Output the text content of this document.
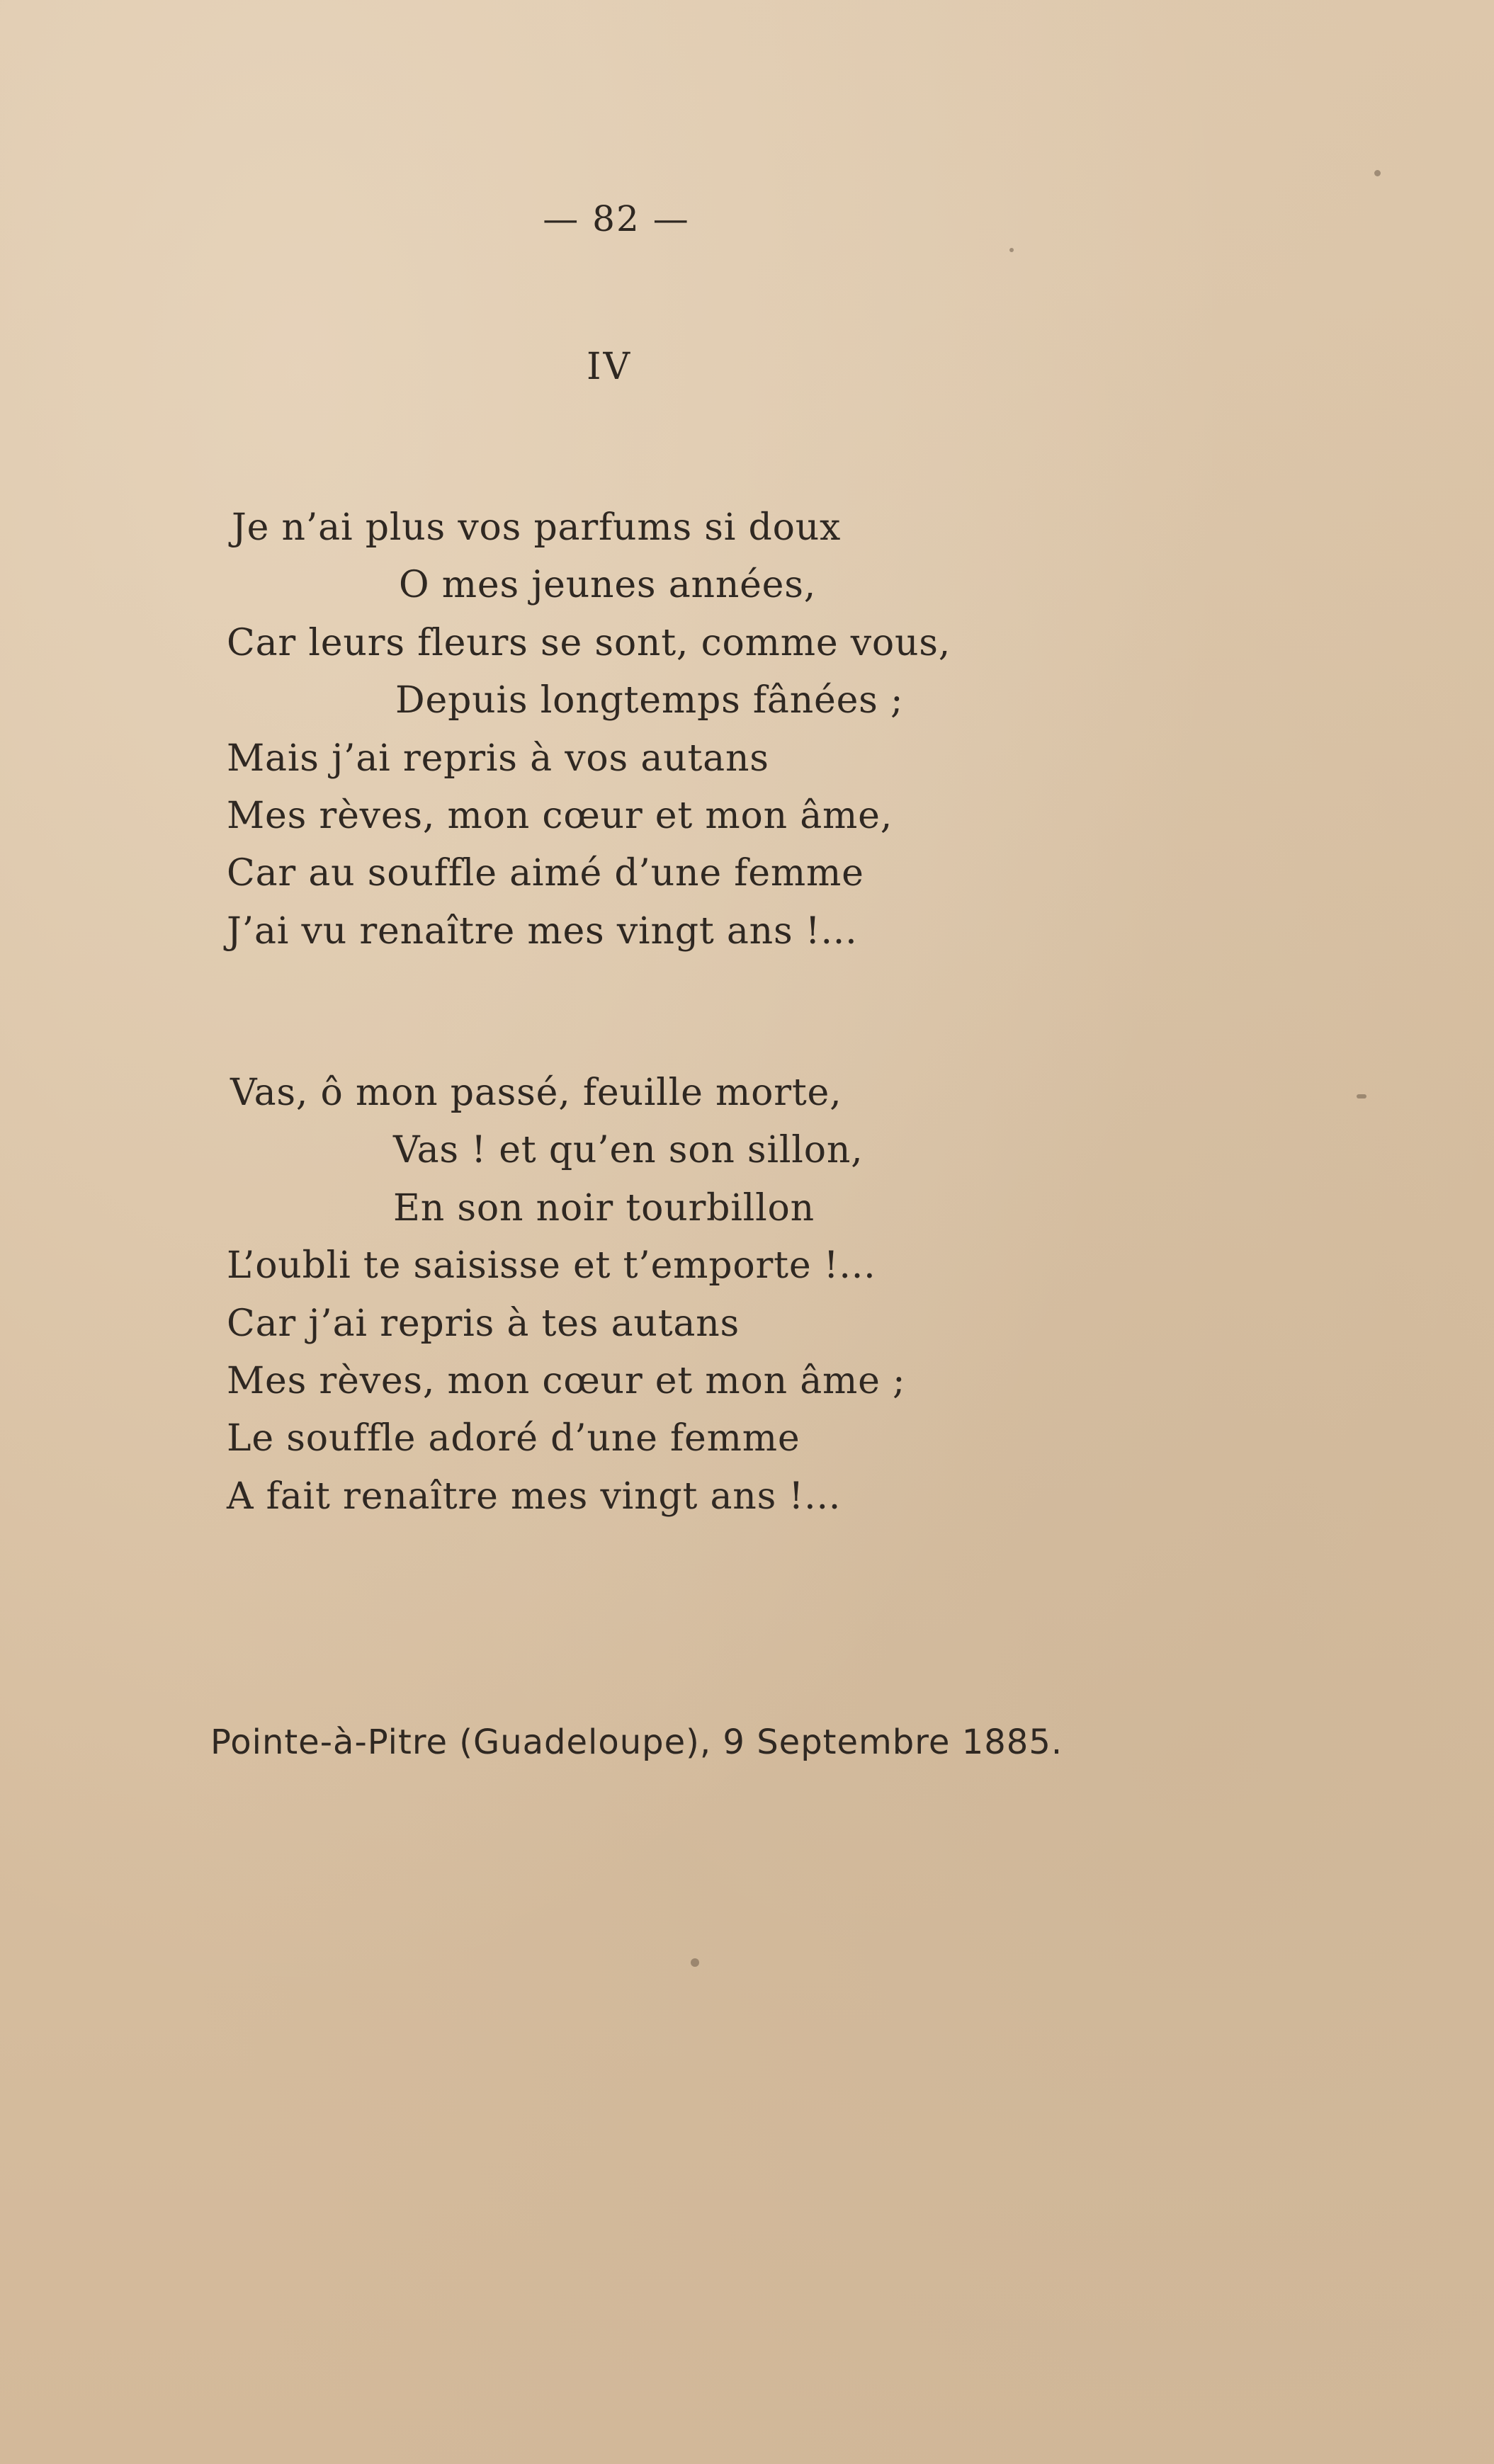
— 82 —
IV
Je n’ai plus vos parfums si doux
O mes jeunes années,
Car leurs fleurs se sont, comme vous,
Depuis longtemps fânées ;
Mais j’ai repris à vos autans
Mes rèves, mon cœur et mon âme,
Car au souffle aimé d’une femme
J’ai vu renaître mes vingt ans !...
Vas, ô mon passé, feuille morte,
Vas ! et qu’en son sillon,
En son noir tourbillon
L’oubli te saisisse et t’emporte !...
Car j’ai repris à tes autans
Mes rèves, mon cœur et mon âme ;
Le souffle adoré d’une femme
A fait renaître mes vingt ans !...
Pointe-à-Pitre (Guadeloupe), 9 Septembre 1885.
